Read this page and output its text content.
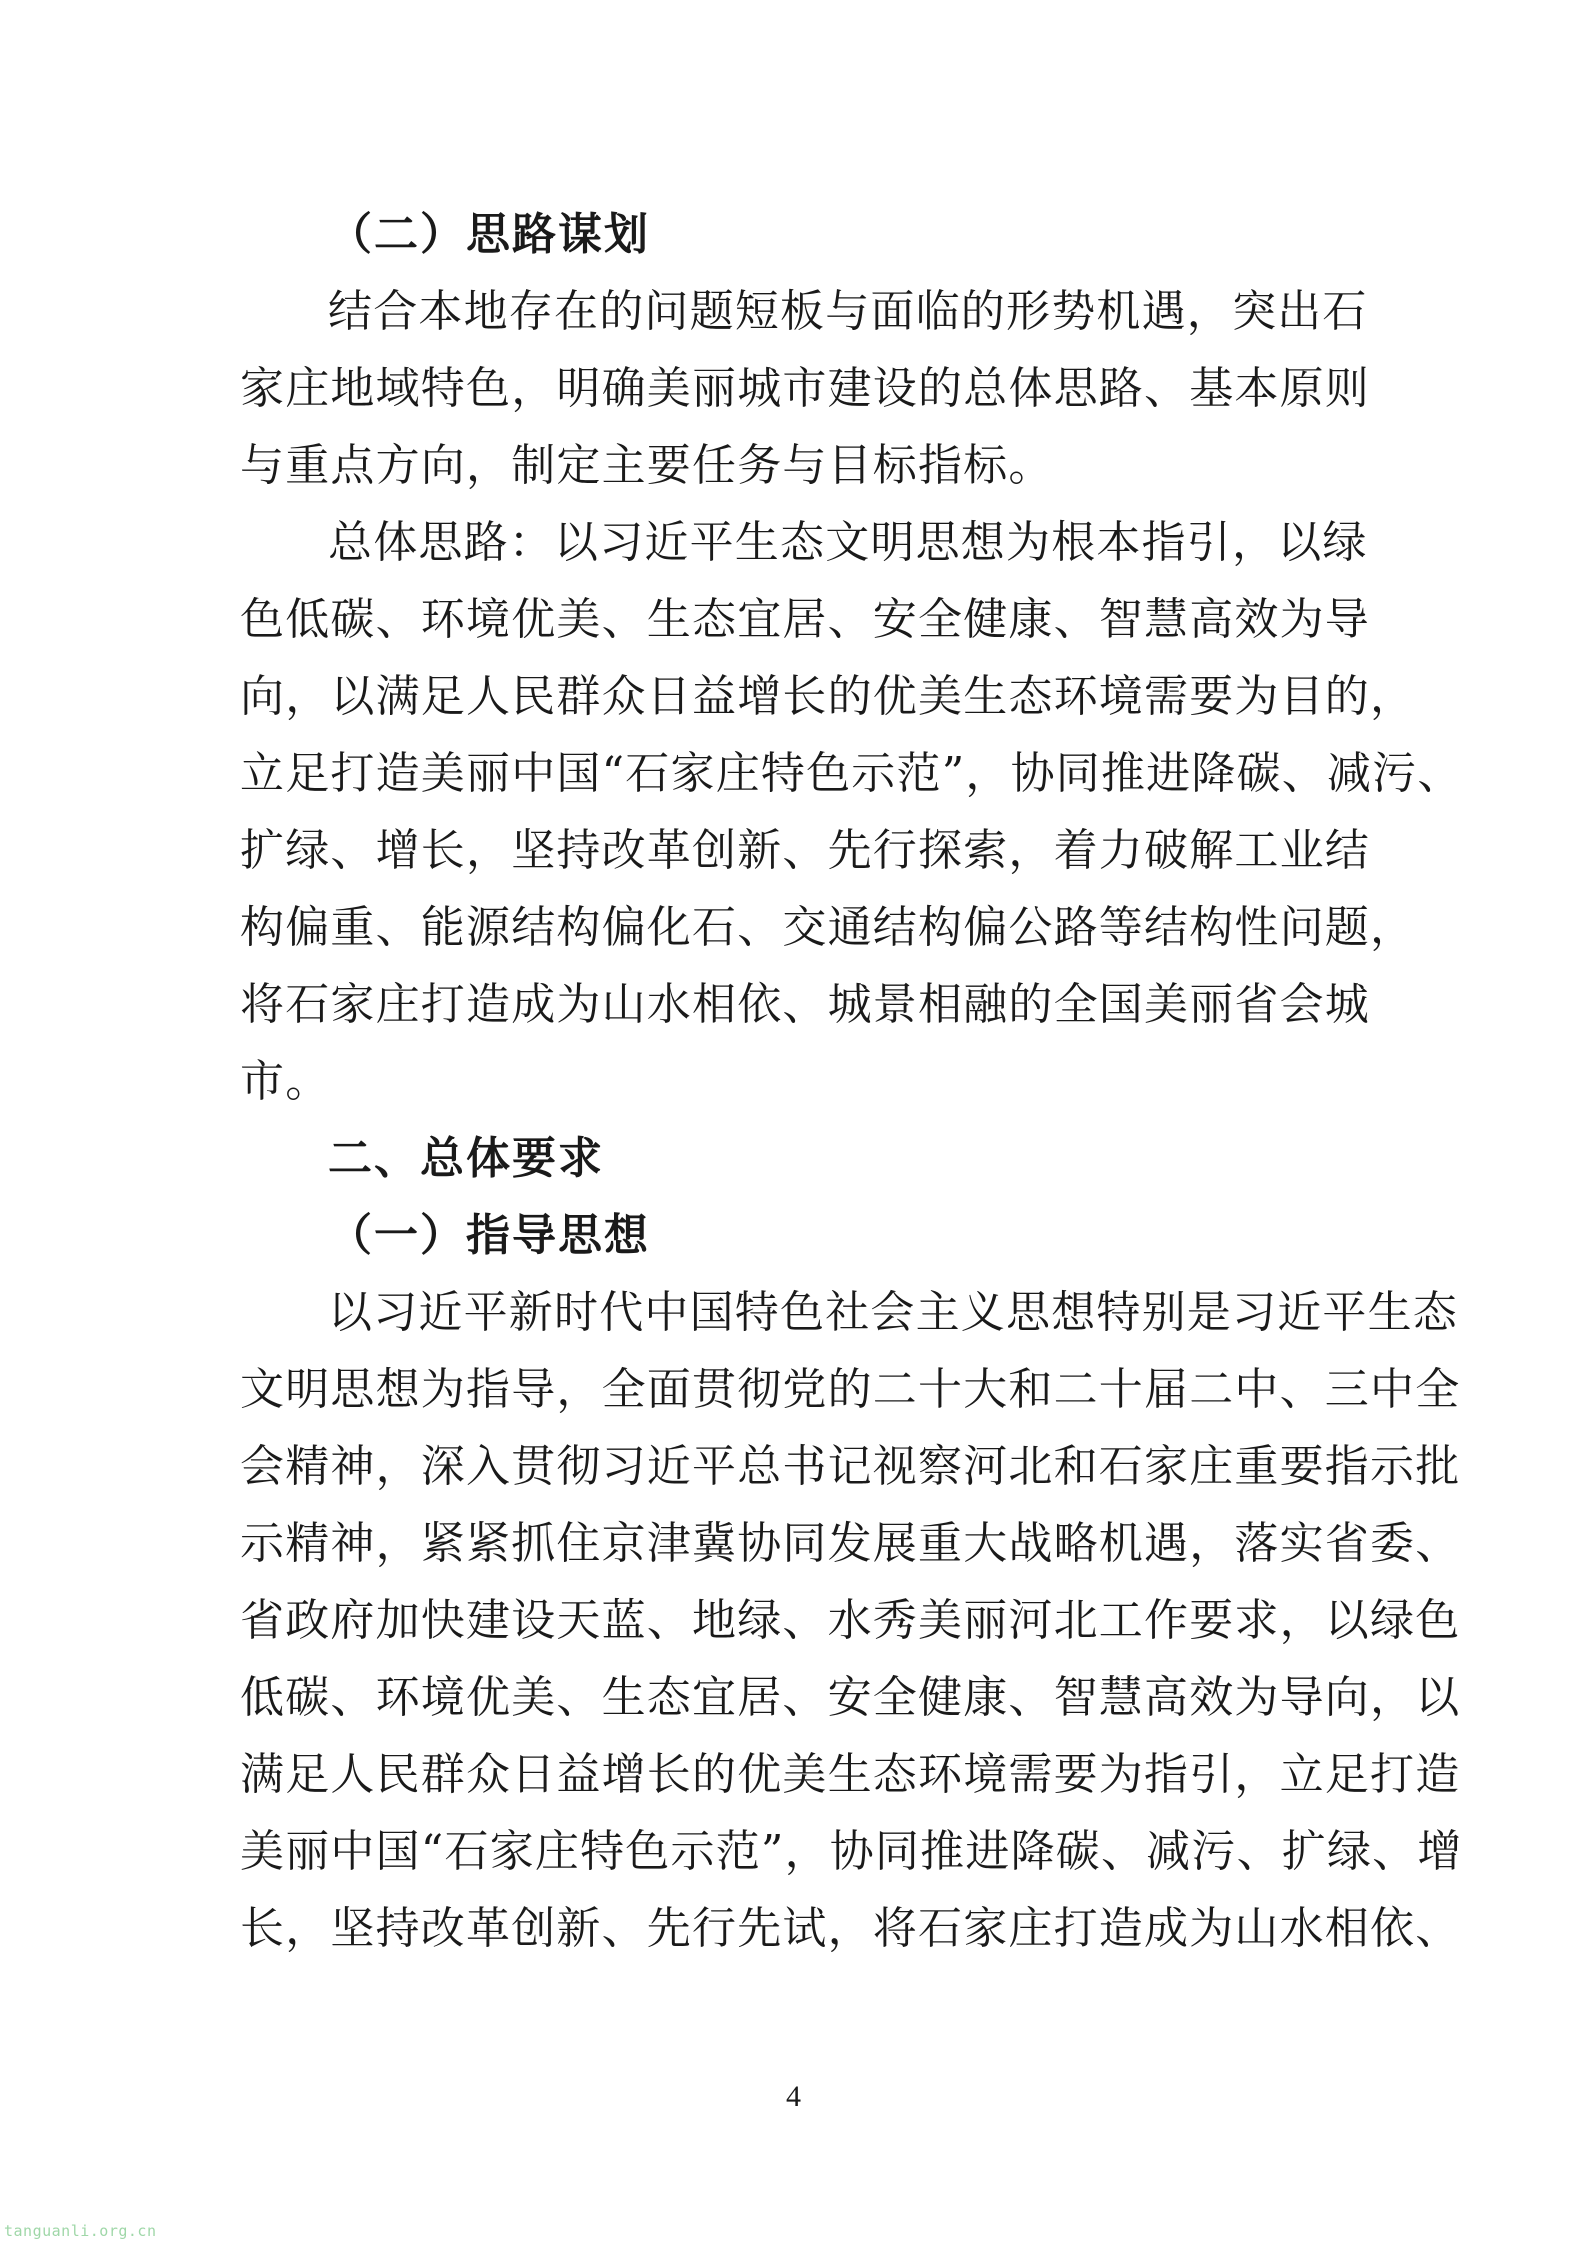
（二）思路谋划
结合本地存在的问题短板与面临的形势机遇，突出石
家庄地域特色，明确美丽城市建设的总体思路、基本原则
与重点方向，制定主要任务与目标指标。
总体思路：以习近平生态文明思想为根本指引，以绿
色低碳、环境优美、生态宜居、安全健康、智慧高效为导
向，以满足人民群众日益增长的优美生态环境需要为目的，
立足打造美丽中国“石家庄特色示范”，协同推进降碳、减污、
扩绿、增长，坚持改革创新、先行探索，着力破解工业结
构偏重、能源结构偏化石、交通结构偏公路等结构性问题，
将石家庄打造成为山水相依、城景相融的全国美丽省会城
市。
二、总体要求
（一）指导思想
以习近平新时代中国特色社会主义思想特别是习近平生态
文明思想为指导，全面贯彻党的二十大和二十届二中、三中全
会精神，深入贯彻习近平总书记视察河北和石家庄重要指示批
示精神，紧紧抓住京津冀协同发展重大战略机遇，落实省委、
省政府加快建设天蓝、地绿、水秀美丽河北工作要求，以绿色
低碳、环境优美、生态宜居、安全健康、智慧高效为导向，以
满足人民群众日益增长的优美生态环境需要为指引，立足打造
美丽中国“石家庄特色示范”，协同推进降碳、减污、扩绿、增
长，坚持改革创新、先行先试，将石家庄打造成为山水相依、
4
tanguanli.org.cn
